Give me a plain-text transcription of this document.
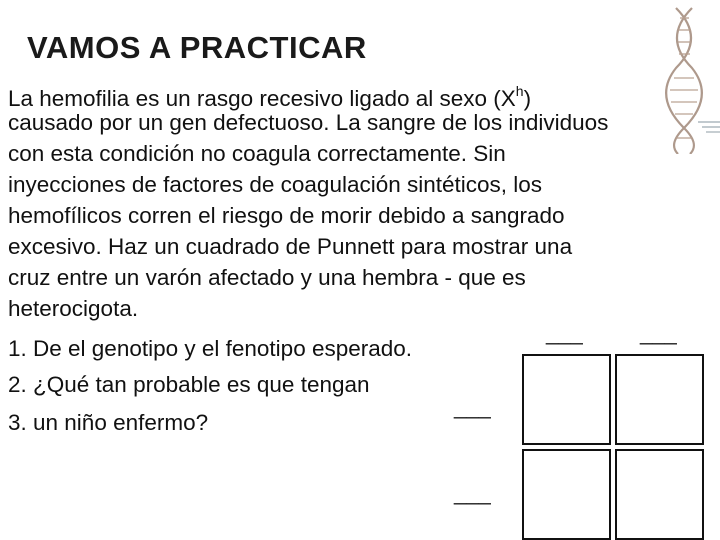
VAMOS A PRACTICAR
La hemofilia es un rasgo recesivo ligado al sexo $(X^h)$
causado por un gen defectuoso. La sangre de los individuos
con esta condición no coagula correctamente. Sin
inyecciones de factores de coagulación sintéticos, los
hemofílicos corren el riesgo de morir debido a sangrado
excesivo. Haz un cuadrado de Punnett para mostrar una
cruz entre un varón afectado y una hembra - que es
heterocigota.
1. De el genotipo y el fenotipo esperado.
2. ¿Qué tan probable es que tengan
3. un niño enfermo?
___	___
___
___
